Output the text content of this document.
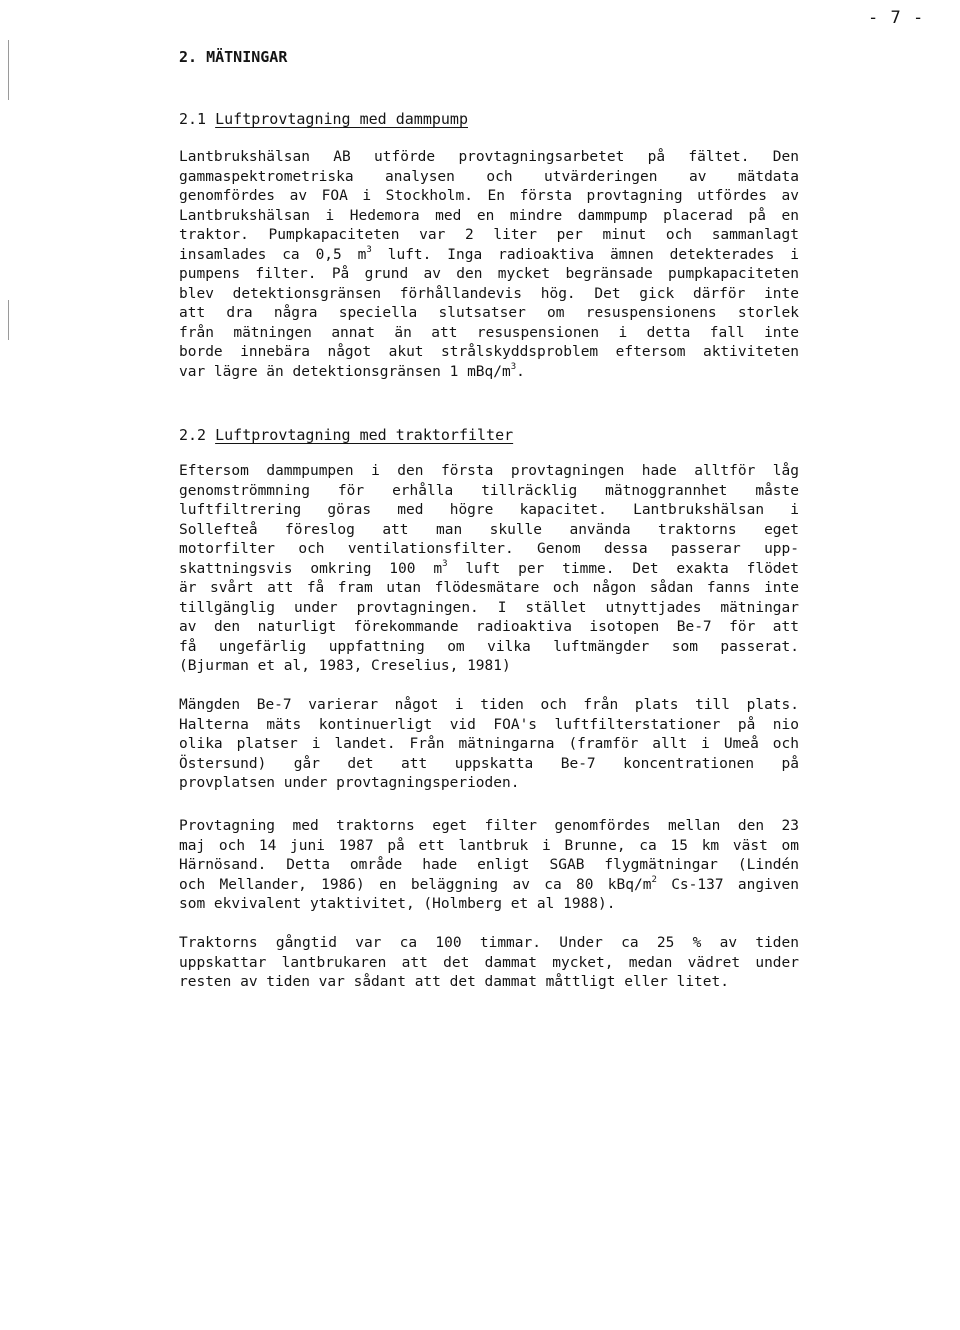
- 7 -
2. MÄTNINGAR
2.1 Luftprovtagning med dammpump
Lantbrukshälsan AB utförde provtagningsarbetet på fältet. Den
gammaspektrometriska analysen och utvärderingen av mätdata
genomfördes av FOA i Stockholm. En första provtagning utfördes av
Lantbrukshälsan i Hedemora med en mindre dammpump placerad på en
traktor. Pumpkapaciteten var 2 liter per minut och sammanlagt
insamlades ca 0,5 $m^3$ luft. Inga radioaktiva ämnen detekterades i
pumpens filter. På grund av den mycket begränsade pumpkapaciteten
blev detektionsgränsen förhållandevis hög. Det gick därför inte
att dra några speciella slutsatser om resuspensionens storlek
från mätningen annat än att resuspensionen i detta fall inte
borde innebära något akut strålskyddsproblem eftersom aktiviteten
var lägre än detektionsgränsen 1 mBq/$m^3$.
2.2 Luftprovtagning med traktorfilter
Eftersom dammpumpen i den första provtagningen hade alltför låg
genomströmmning för erhålla tillräcklig mätnoggrannhet måste
luftfiltrering göras med högre kapacitet. Lantbrukshälsan i
Sollefteå föreslog att man skulle använda traktorns eget
motorfilter och ventilationsfilter. Genom dessa passerar upp-
skattningsvis omkring 100 $m^3$ luft per timme. Det exakta flödet
är svårt att få fram utan flödesmätare och någon sådan fanns inte
tillgänglig under provtagningen. I stället utnyttjades mätningar
av den naturligt förekommande radioaktiva isotopen Be-7 för att
få ungefärlig uppfattning om vilka luftmängder som passerat.
(Bjurman et al, 1983, Creselius, 1981)
Mängden Be-7 varierar något i tiden och från plats till plats.
Halterna mäts kontinuerligt vid FOA's luftfilterstationer på nio
olika platser i landet. Från mätningarna (framför allt i Umeå och
Östersund) går det att uppskatta Be-7 koncentrationen på
provplatsen under provtagningsperioden.
Provtagning med traktorns eget filter genomfördes mellan den 23
maj och 14 juni 1987 på ett lantbruk i Brunne, ca 15 km väst om
Härnösand. Detta område hade enligt SGAB flygmätningar (Lindén
och Mellander, 1986) en beläggning av ca 80 kBq/$m^2$ Cs-137 angiven
som ekvivalent ytaktivitet, (Holmberg et al 1988).
Traktorns gångtid var ca 100 timmar. Under ca 25 % av tiden
uppskattar lantbrukaren att det dammat mycket, medan vädret under
resten av tiden var sådant att det dammat måttligt eller litet.
